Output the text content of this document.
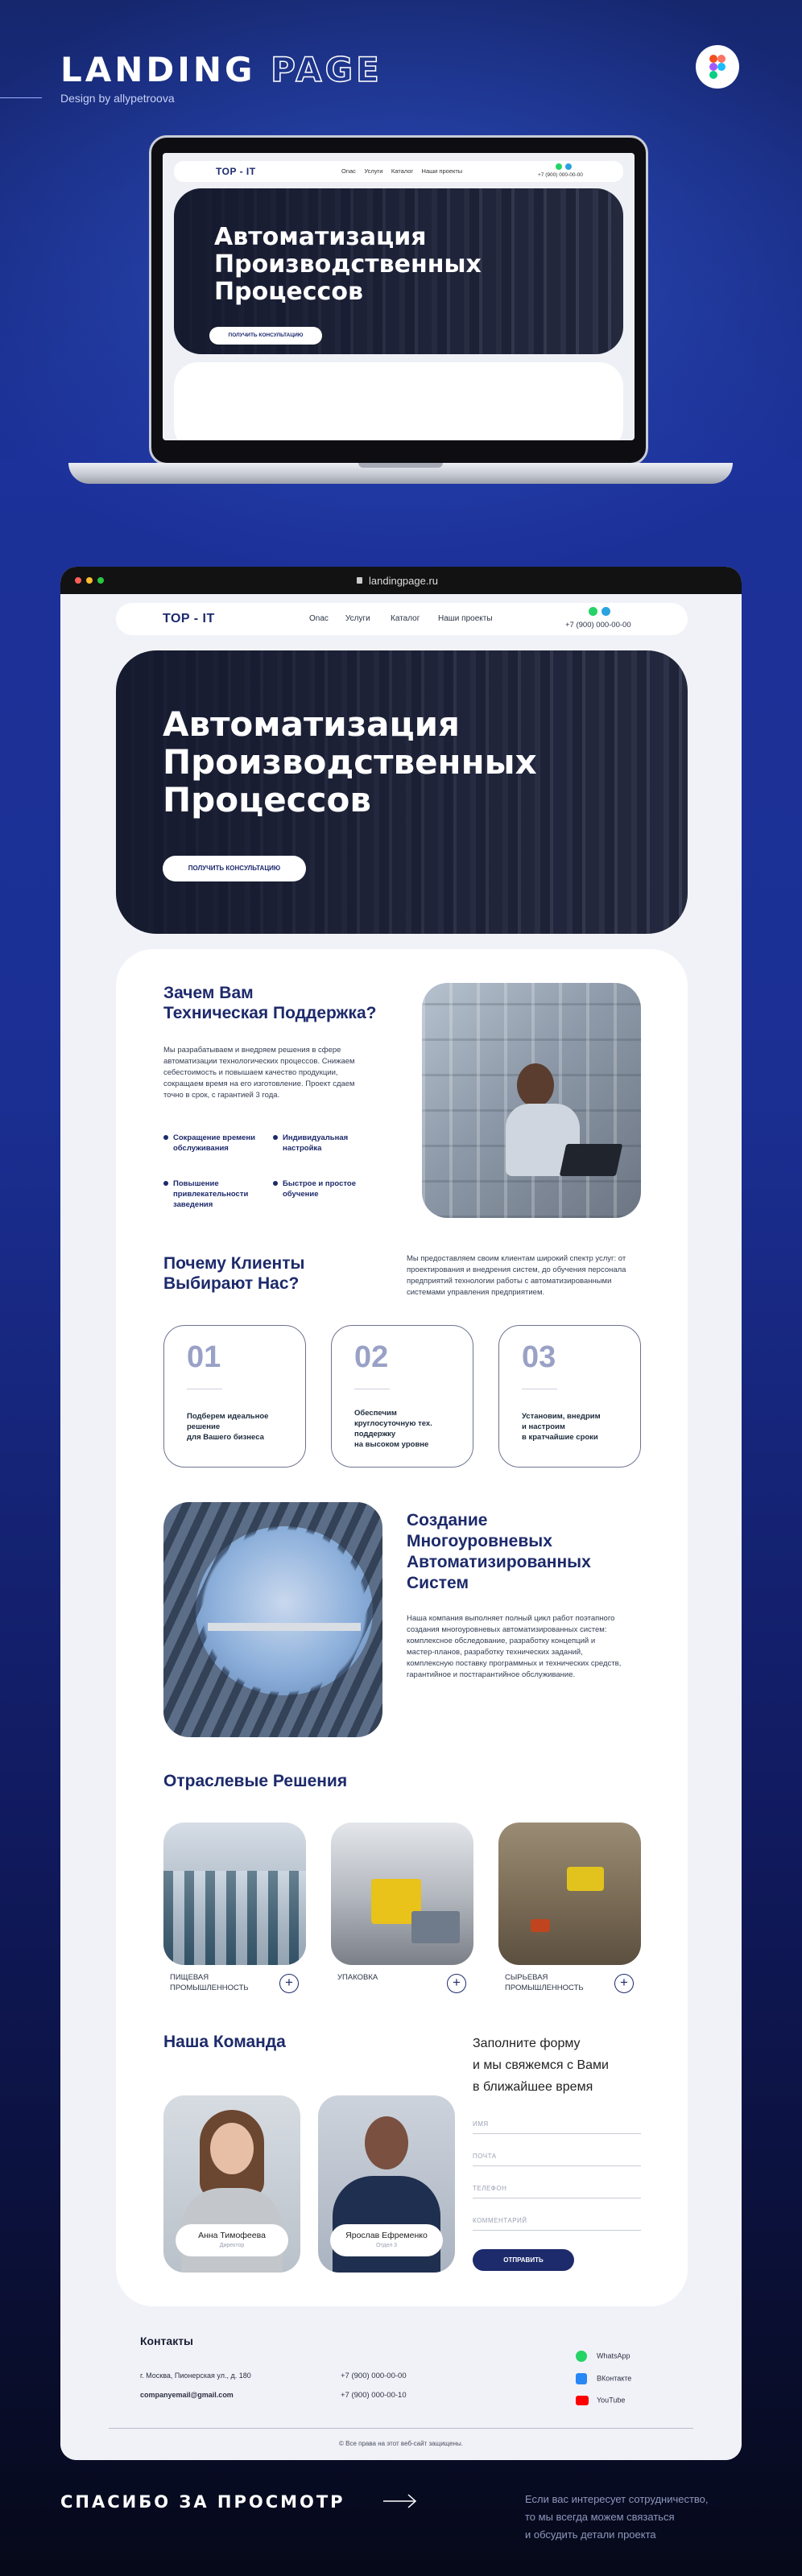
LANDING PAGE
Design by allypetroova
TOP - IT	Onас Услуги Каталог Наши проекты
+7 (900) 000-00-00
Автоматизация
Производственных
Процессов
ПОЛУЧИТЬ КОНСУЛЬТАЦИЮ
landingpage.ru
TOP - IT	Onас Услуги	Каталог Наши проекты
+7 (900) 000-00-00
Автоматизация
Производственных
Процессов
ПОЛУЧИТЬ КОНСУЛЬТАЦИЮ
Зачем Вам
Техническая Поддержка?
Мы разрабатываем и внедряем решения в сфере автоматизации технологических процессов. Снижаем себестоимость и повышаем качество продукции, сокращаем время на его изготовление. Проект сдаем точно в срок, с гарантией 3 года.
Сокращение времени
обслуживания
Индивидуальная
настройка
Повышение
привлекательности
заведения
Быстрое и простое
обучение
Почему Клиенты
Выбирают Нас?
Мы предоставляем своим клиентам широкий спектр услуг: от проектирования и внедрения систем, до обучения персонала предприятий технологии работы с автоматизированными системами управления предприятием.
01
Подберем идеальное
решение
для Вашего бизнеса
02
Обеспечим
круглосуточную тех.
поддержку
на высоком уровне
03
Установим, внедрим
и настроим
в кратчайшие сроки
Создание
Многоуровневых
Автоматизированных
Систем
Наша компания выполняет полный цикл работ поэтапного создания многоуровневых автоматизированных систем: комплексное обследование, разработку концепций и мастер-планов, разработку технических заданий, комплексную поставку программных и технических средств, гарантийное и постгарантийное обслуживание.
Отраслевые Решения
ПИЩЕВАЯ
ПРОМЫШЛЕННОСТЬ	+	УПАКОВКА	+	СЫРЬЕВАЯ
ПРОМЫШЛЕННОСТЬ	+
Наша Команда
Анна Тимофеева
Директор
Ярослав Ефременко
Отдел 3
Заполните форму
и мы свяжемся с Вами
в ближайшее время
ИМЯ
ПОЧТА
ТЕЛЕФОН
КОММЕНТАРИЙ
ОТПРАВИТЬ
Контакты
г. Москва, Пионерская ул., д. 180
companyemail@gmail.com
+7 (900) 000-00-00
+7 (900) 000-00-10
WhatsApp
ВКонтакте
YouTube
© Все права на этот веб-сайт защищены.
СПАСИБО ЗА ПРОСМОТР	Если вас интересует сотрудничество,
то мы всегда можем связаться
и обсудить детали проекта
